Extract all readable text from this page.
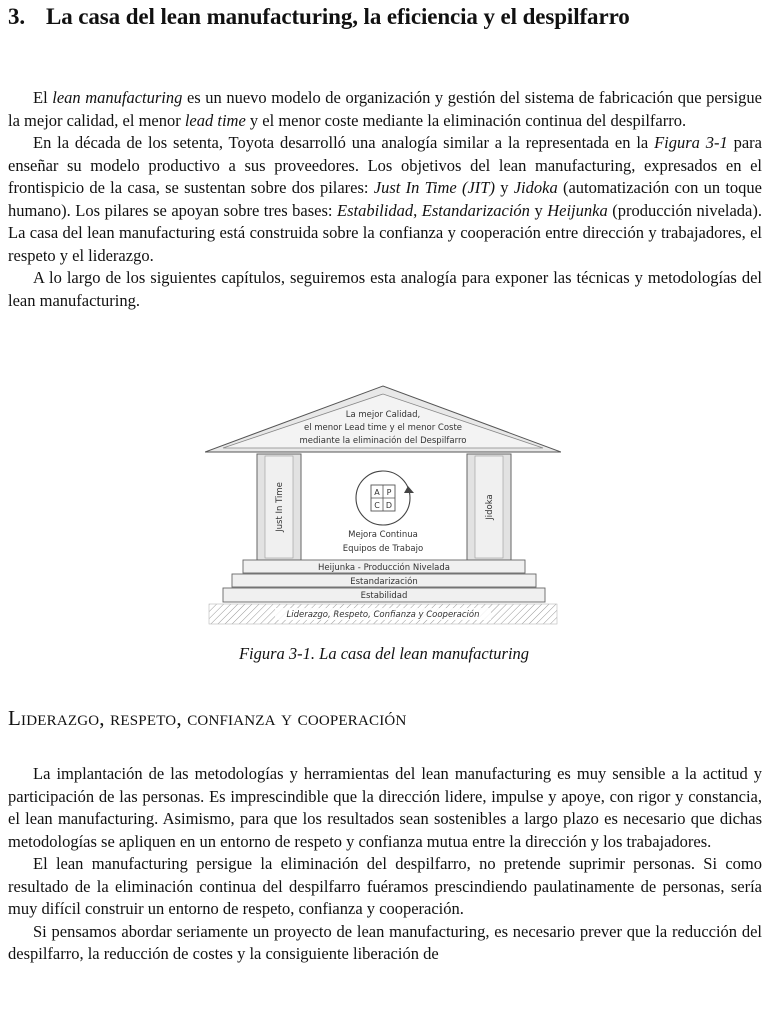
3. La casa del lean manufacturing, la eficiencia y el despilfarro

El lean manufacturing es un nuevo modelo de organización y gestión del sistema de fabricación que persigue la mejor calidad, el menor lead time y el menor coste mediante la eliminación continua del despilfarro.

En la década de los setenta, Toyota desarrolló una analogía similar a la representada en la Figura 3-1 para enseñar su modelo productivo a sus proveedores. Los objetivos del lean manufacturing, expresados en el frontispicio de la casa, se sustentan sobre dos pilares: Just In Time (JIT) y Jidoka (automatización con un toque humano). Los pilares se apoyan sobre tres bases: Estabilidad, Estandarización y Heijunka (producción nivelada). La casa del lean manufacturing está construida sobre la confianza y cooperación entre dirección y trabajadores, el respeto y el liderazgo.

A lo largo de los siguientes capítulos, seguiremos esta analogía para exponer las técnicas y metodologías del lean manufacturing.

La mejor Calidad,
el menor Lead time y el menor Coste
mediante la eliminación del Despilfarro
Just In Time	Jidoka
A P
C D
Mejora Continua
Equipos de Trabajo
Heijunka - Producción Nivelada
Estandarización
Estabilidad
Liderazgo, Respeto, Confianza y Cooperación
Figura 3-1. La casa del lean manufacturing
Liderazgo, respeto, confianza y cooperación

La implantación de las metodologías y herramientas del lean manufacturing es muy sensible a la actitud y participación de las personas. Es imprescindible que la dirección lidere, impulse y apoye, con rigor y constancia, el lean manufacturing. Asimismo, para que los resultados sean sostenibles a largo plazo es necesario que dichas metodologías se apliquen en un entorno de respeto y confianza mutua entre la dirección y los trabajadores.

El lean manufacturing persigue la eliminación del despilfarro, no pretende suprimir personas. Si como resultado de la eliminación continua del despilfarro fuéramos prescindiendo paulatinamente de personas, sería muy difícil construir un entorno de respeto, confianza y cooperación.

Si pensamos abordar seriamente un proyecto de lean manufacturing, es necesario prever que la reducción del despilfarro, la reducción de costes y la consiguiente liberación de
